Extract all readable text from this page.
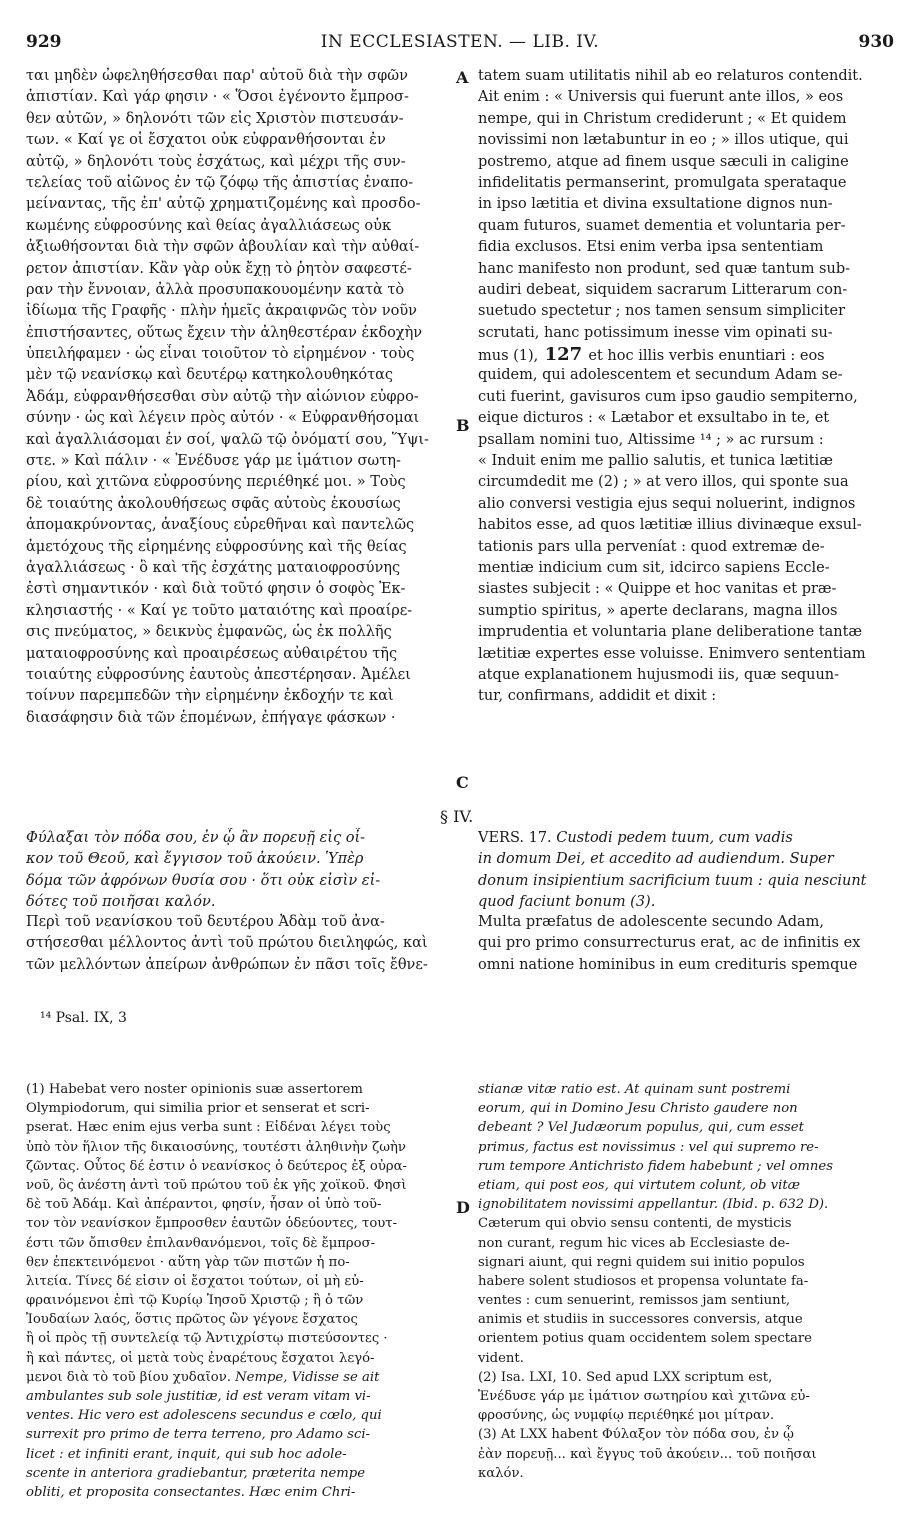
929	IN ECCLESIASTEN. — LIB. IV.	930
ται μηδὲν ὠφεληθήσεσθαι παρ' αὐτοῦ διὰ τὴν σφῶν
ἀπιστίαν. Καὶ γάρ φησιν · « Ὅσοι ἐγένοντο ἔμπροσ-
θεν αὐτῶν, » δηλονότι τῶν εἰς Χριστὸν πιστευσάν-
των. « Καί γε οἱ ἔσχατοι οὐκ εὐφρανθήσονται ἐν
αὐτῷ, » δηλονότι τοὺς ἐσχάτως, καὶ μέχρι τῆς συν-
τελείας τοῦ αἰῶνος ἐν τῷ ζόφῳ τῆς ἀπιστίας ἐναπο-
μείναντας, τῆς ἐπ' αὐτῷ χρηματιζομένης καὶ προσδο-
κωμένης εὐφροσύνης καὶ θείας ἀγαλλιάσεως οὐκ
ἀξιωθήσονται διὰ τὴν σφῶν ἀβουλίαν καὶ τὴν αὐθαί-
ρετον ἀπιστίαν. Κἂν γὰρ οὐκ ἔχῃ τὸ ῥητὸν σαφεστέ-
ραν τὴν ἔννοιαν, ἀλλὰ προσυπακουομένην κατὰ τὸ
ἰδίωμα τῆς Γραφῆς · πλὴν ἡμεῖς ἀκραιφνῶς τὸν νοῦν
ἐπιστήσαντες, οὕτως ἔχειν τὴν ἀληθεστέραν ἐκδοχὴν
ὑπειλήφαμεν · ὡς εἶναι τοιοῦτον τὸ εἰρημένον · τοὺς
μὲν τῷ νεανίσκῳ καὶ δευτέρῳ κατηκολουθηκότας
Ἀδάμ, εὐφρανθήσεσθαι σὺν αὐτῷ τὴν αἰώνιον εὐφρο-
σύνην · ὡς καὶ λέγειν πρὸς αὐτόν · « Εὐφρανθήσομαι
καὶ ἀγαλλιάσομαι ἐν σοί, ψαλῶ τῷ ὀνόματί σου, Ὕψι-
στε. » Καὶ πάλιν · « Ἐνέδυσε γάρ με ἱμάτιον σωτη-
ρίου, καὶ χιτῶνα εὐφροσύνης περιέθηκέ μοι. » Τοὺς
δὲ τοιαύτης ἀκολουθήσεως σφᾶς αὐτοὺς ἑκουσίως
ἀπομακρύνοντας, ἀναξίους εὑρεθῆναι καὶ παντελῶς
ἀμετόχους τῆς εἰρημένης εὐφροσύνης καὶ τῆς θείας
ἀγαλλιάσεως · ὃ καὶ τῆς ἐσχάτης ματαιοφροσύνης
ἐστὶ σημαντικόν · καὶ διὰ τοῦτό φησιν ὁ σοφὸς Ἐκ-
κλησιαστής · « Καί γε τοῦτο ματαιότης καὶ προαίρε-
σις πνεύματος, » δεικνὺς ἐμφανῶς, ὡς ἐκ πολλῆς
ματαιοφροσύνης καὶ προαιρέσεως αὐθαιρέτου τῆς
τοιαύτης εὐφροσύνης ἑαυτοὺς ἀπεστέρησαν. Ἀμέλει
τοίνυν παρεμπεδῶν τὴν εἰρημένην ἐκδοχήν τε καὶ
διασάφησιν διὰ τῶν ἑπομένων, ἐπήγαγε φάσκων ·
tatem suam utilitatis nihil ab eo relaturos contendit.
Ait enim : « Universis qui fuerunt ante illos, » eos
nempe, qui in Christum crediderunt ; « Et quidem
novissimi non lætabuntur in eo ; » illos utique, qui
postremo, atque ad finem usque sæculi in caligine
infidelitatis permanserint, promulgata sperataque
in ipso lætitia et divina exsultatione dignos nun-
quam futuros, suamet dementia et voluntaria per-
fidia exclusos. Etsi enim verba ipsa sententiam
hanc manifesto non produnt, sed quæ tantum sub-
audiri debeat, siquidem sacrarum Litterarum con-
suetudo spectetur ; nos tamen sensum simpliciter
scrutati, hanc potissimum inesse vim opinati su-
mus (1), 127 et hoc illis verbis enuntiari : eos
quidem, qui adolescentem et secundum Adam se-
cuti fuerint, gavisuros cum ipso gaudio sempiterno,
eique dicturos : « Lætabor et exsultabo in te, et
psallam nomini tuo, Altissime ¹⁴ ; » ac rursum :
« Induit enim me pallio salutis, et tunica lætitiæ
circumdedit me (2) ; » at vero illos, qui sponte sua
alio conversi vestigia ejus sequi noluerint, indignos
habitos esse, ad quos lætitiæ illius divinæque exsul-
tationis pars ulla perveníat : quod extremæ de-
mentiæ indicium cum sit, idcirco sapiens Eccle-
siastes subjecit : « Quippe et hoc vanitas et præ-
sumptio spiritus, » aperte declarans, magna illos
imprudentia et voluntaria plane deliberatione tantæ
lætitiæ expertes esse voluisse. Enimvero sententiam
atque explanationem hujusmodi iis, quæ sequun-
tur, confirmans, addidit et dixit :
A
B
C
D
§ IV.
Φύλαξαι τὸν πόδα σου, ἐν ᾧ ἂν πορευῇ εἰς οἶ-
κον τοῦ Θεοῦ, καὶ ἔγγισον τοῦ ἀκούειν. Ὑπὲρ
δόμα τῶν ἀφρόνων θυσία σου · ὅτι οὐκ εἰσὶν εἰ-
δότες τοῦ ποιῆσαι καλόν.
VERS. 17. Custodi pedem tuum, cum vadis
in domum Dei, et accedito ad audiendum. Super
donum insipientium sacrificium tuum : quia nesciunt
quod faciunt bonum (3).
Περὶ τοῦ νεανίσκου τοῦ δευτέρου Ἀδὰμ τοῦ ἀνα-
στήσεσθαι μέλλοντος ἀντὶ τοῦ πρώτου διειληφώς, καὶ
τῶν μελλόντων ἀπείρων ἀνθρώπων ἐν πᾶσι τοῖς ἔθνε-
Multa præfatus de adolescente secundo Adam,
qui pro primo consurrecturus erat, ac de infinitis ex
omni natione hominibus in eum credituris spemque
¹⁴ Psal. IX, 3
(1) Habebat vero noster opinionis suæ assertorem
Olympiodorum, qui similia prior et senserat et scri-
pserat. Hæc enim ejus verba sunt : Εἰδέναι λέγει τοὺς
ὑπὸ τὸν ἥλιον τῆς δικαιοσύνης, τουτέστι ἀληθινὴν ζωὴν
ζῶντας. Οὗτος δέ ἐστιν ὁ νεανίσκος ὁ δεύτερος ἐξ οὐρα-
νοῦ, ὃς ἀνέστη ἀντὶ τοῦ πρώτου τοῦ ἐκ γῆς χοϊκοῦ. Φησὶ
δὲ τοῦ Ἀδάμ. Καὶ ἀπέραντοι, φησίν, ἦσαν οἱ ὑπὸ τοῦ-
τον τὸν νεανίσκον ἔμπροσθεν ἑαυτῶν ὁδεύοντες, τουτ-
έστι τῶν ὄπισθεν ἐπιλανθανόμενοι, τοῖς δὲ ἔμπροσ-
θεν ἐπεκτεινόμενοι · αὕτη γὰρ τῶν πιστῶν ἡ πο-
λιτεία. Τίνες δέ εἰσιν οἱ ἔσχατοι τούτων, οἱ μὴ εὐ-
φραινόμενοι ἐπὶ τῷ Κυρίῳ Ἰησοῦ Χριστῷ ; ἢ ὁ τῶν
Ἰουδαίων λαός, ὅστις πρῶτος ὢν γέγονε ἔσχατος
ἢ οἱ πρὸς τῇ συντελείᾳ τῷ Ἀντιχρίστῳ πιστεύσοντες ·
ἢ καὶ πάντες, οἱ μετὰ τοὺς ἐναρέτους ἔσχατοι λεγό-
μενοι διὰ τὸ τοῦ βίου χυδαῖον. Nempe, Vidisse se ait
ambulantes sub sole justitiæ, id est veram vitam vi-
ventes. Hic vero est adolescens secundus e cœlo, qui
surrexit pro primo de terra terreno, pro Adamo sci-
licet : et infiniti erant, inquit, qui sub hoc adole-
scente in anteriora gradiebantur, præterita nempe
obliti, et proposita consectantes. Hæc enim Chri-
stianæ vitæ ratio est. At quinam sunt postremi
eorum, qui in Domino Jesu Christo gaudere non
debeant ? Vel Judæorum populus, qui, cum esset
primus, factus est novissimus : vel qui supremo re-
rum tempore Antichristo fidem habebunt ; vel omnes
etiam, qui post eos, qui virtutem colunt, ob vitæ
ignobilitatem novissimi appellantur. (Ibid. p. 632 D).
Cæterum qui obvio sensu contenti, de mysticis
non curant, regum hic vices ab Ecclesiaste de-
signari aiunt, qui regni quidem sui initio populos
habere solent studiosos et propensa voluntate fa-
ventes : cum senuerint, remissos jam sentiunt,
animis et studiis in successores conversis, atque
orientem potius quam occidentem solem spectare
vident.
(2) Isa. LXI, 10. Sed apud LXX scriptum est,
Ἐνέδυσε γάρ με ἱμάτιον σωτηρίου καὶ χιτῶνα εὐ-
φροσύνης, ὡς νυμφίῳ περιέθηκέ μοι μίτραν.
(3) At LXX habent Φύλαξον τὸν πόδα σου, ἐν ᾧ
ἐὰν πορευῇ... καὶ ἔγγυς τοῦ ἀκούειν... τοῦ ποιῆσαι
καλόν.
